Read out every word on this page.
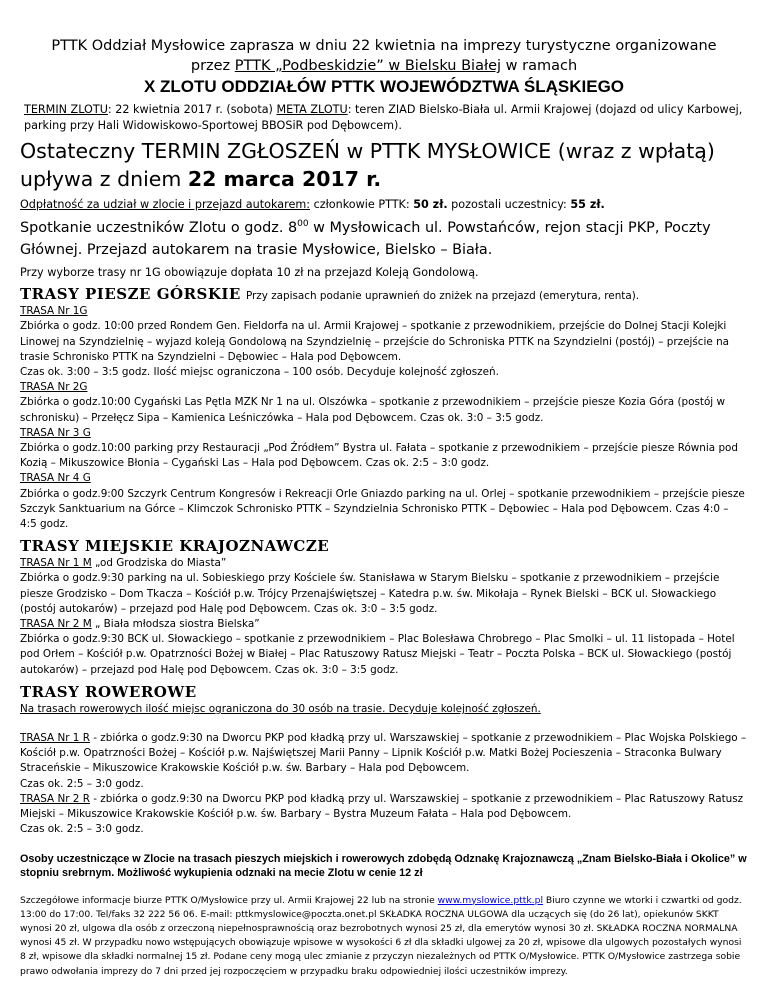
PTTK Oddział Mysłowice zaprasza w dniu 22 kwietnia na imprezy turystyczne organizowane

przez PTTK „Podbeskidzie” w Bielsku Białej w ramach

X ZLOTU ODDZIAŁÓW PTTK WOJEWÓDZTWA ŚLĄSKIEGO

TERMIN ZLOTU: 22 kwietnia 2017 r. (sobota) META ZLOTU: teren ZIAD Bielsko-Biała ul. Armii Krajowej (dojazd od ulicy Karbowej, parking przy Hali Widowiskowo-Sportowej BBOSiR pod Dębowcem).

Ostateczny TERMIN ZGŁOSZEŃ w PTTK MYSŁOWICE (wraz z wpłatą) upływa z dniem 22 marca 2017 r.

Odpłatność za udział w zlocie i przejazd autokarem: członkowie PTTK: 50 zł. pozostali uczestnicy: 55 zł.

Spotkanie uczestników Zlotu o godz. $8^{00}$ w Mysłowicach ul. Powstańców, rejon stacji PKP, Poczty Głównej. Przejazd autokarem na trasie Mysłowice, Bielsko – Biała.

Przy wyborze trasy nr 1G obowiązuje dopłata 10 zł na przejazd Koleją Gondolową.

TRASY PIESZE GÓRSKIE Przy zapisach podanie uprawnień do zniżek na przejazd (emerytura, renta).

TRASA Nr 1G

Zbiórka o godz. 10:00 przed Rondem Gen. Fieldorfa na ul. Armii Krajowej – spotkanie z przewodnikiem, przejście do Dolnej Stacji Kolejki Linowej na Szyndzielnię – wyjazd koleją Gondolową na Szyndzielnię – przejście do Schroniska PTTK na Szyndzielni (postój) – przejście na trasie Schronisko PTTK na Szyndzielni – Dębowiec – Hala pod Dębowcem.

Czas ok. 3:00 – 3:5 godz. Ilość miejsc ograniczona – 100 osób. Decyduje kolejność zgłoszeń.

TRASA Nr 2G

Zbiórka o godz.10:00 Cygański Las Pętla MZK Nr 1 na ul. Olszówka – spotkanie z przewodnikiem – przejście piesze Kozia Góra (postój w schronisku) – Przełęcz Sipa – Kamienica Leśniczówka – Hala pod Dębowcem. Czas ok. 3:0 – 3:5 godz.

TRASA Nr 3 G

Zbiórka o godz.10:00 parking przy Restauracji „Pod Źródłem” Bystra ul. Fałata – spotkanie z przewodnikiem – przejście piesze Równia pod Kozią – Mikuszowice Błonia – Cygański Las – Hala pod Dębowcem. Czas ok. 2:5 – 3:0 godz.

TRASA Nr 4 G

Zbiórka o godz.9:00 Szczyrk Centrum Kongresów i Rekreacji Orle Gniazdo parking na ul. Orlej – spotkanie przewodnikiem – przejście piesze Szczyk Sanktuarium na Górce – Klimczok Schronisko PTTK – Szyndzielnia Schronisko PTTK – Dębowiec – Hala pod Dębowcem. Czas 4:0 – 4:5 godz.

TRASY MIEJSKIE KRAJOZNAWCZE

TRASA Nr 1 M „od Grodziska do Miasta”

Zbiórka o godz.9:30 parking na ul. Sobieskiego przy Kościele św. Stanisława w Starym Bielsku – spotkanie z przewodnikiem – przejście piesze Grodzisko – Dom Tkacza – Kościół p.w. Trójcy Przenajświętszej – Katedra p.w. św. Mikołaja – Rynek Bielski – BCK ul. Słowackiego (postój autokarów) – przejazd pod Halę pod Dębowcem. Czas ok. 3:0 – 3:5 godz.

TRASA Nr 2 M „ Biała młodsza siostra Bielska”

Zbiórka o godz.9:30 BCK ul. Słowackiego – spotkanie z przewodnikiem – Plac Bolesława Chrobrego – Plac Smolki – ul. 11 listopada – Hotel pod Orłem – Kościół p.w. Opatrzności Bożej w Białej – Plac Ratuszowy Ratusz Miejski – Teatr – Poczta Polska – BCK ul. Słowackiego (postój autokarów) – przejazd pod Halę pod Dębowcem. Czas ok. 3:0 – 3:5 godz.

TRASY ROWEROWE

Na trasach rowerowych ilość miejsc ograniczona do 30 osób na trasie. Decyduje kolejność zgłoszeń.

TRASA Nr 1 R - zbiórka o godz.9:30 na Dworcu PKP pod kładką przy ul. Warszawskiej – spotkanie z przewodnikiem – Plac Wojska Polskiego – Kościół p.w. Opatrzności Bożej – Kościół p.w. Najświętszej Marii Panny – Lipnik Kościół p.w. Matki Bożej Pocieszenia – Straconka Bulwary Straceńskie – Mikuszowice Krakowskie Kościół p.w. św. Barbary – Hala pod Dębowcem.

Czas ok. 2:5 – 3:0 godz.

TRASA Nr 2 R - zbiórka o godz.9:30 na Dworcu PKP pod kładką przy ul. Warszawskiej – spotkanie z przewodnikiem – Plac Ratuszowy Ratusz Miejski – Mikuszowice Krakowskie Kościół p.w. św. Barbary – Bystra Muzeum Fałata – Hala pod Dębowcem.

Czas ok. 2:5 – 3:0 godz.

Osoby uczestniczące w Zlocie na trasach pieszych miejskich i rowerowych zdobędą Odznakę Krajoznawczą „Znam Bielsko-Biała i Okolice” w stopniu srebrnym. Możliwość wykupienia odznaki na mecie Zlotu w cenie 12 zł

Szczegółowe informacje biurze PTTK O/Mysłowice przy ul. Armii Krajowej 22 lub na stronie www.myslowice.pttk.pl Biuro czynne we wtorki i czwartki od godz. 13:00 do 17:00. Tel/faks 32 222 56 06. E-mail: pttkmyslowice@poczta.onet.pl SKŁADKA ROCZNA ULGOWA dla uczących się (do 26 lat), opiekunów SKKT wynosi 20 zł, ulgowa dla osób z orzeczoną niepełnosprawnością oraz bezrobotnych wynosi 25 zł, dla emerytów wynosi 30 zł. SKŁADKA ROCZNA NORMALNA wynosi 45 zł. W przypadku nowo wstępujących obowiązuje wpisowe w wysokości 6 zł dla składki ulgowej za 20 zł, wpisowe dla ulgowych pozostałych wynosi 8 zł, wpisowe dla składki normalnej 15 zł. Podane ceny mogą ulec zmianie z przyczyn niezależnych od PTTK O/Mysłowice. PTTK O/Mysłowice zastrzega sobie prawo odwołania imprezy do 7 dni przed jej rozpoczęciem w przypadku braku odpowiedniej ilości uczestników imprezy.
